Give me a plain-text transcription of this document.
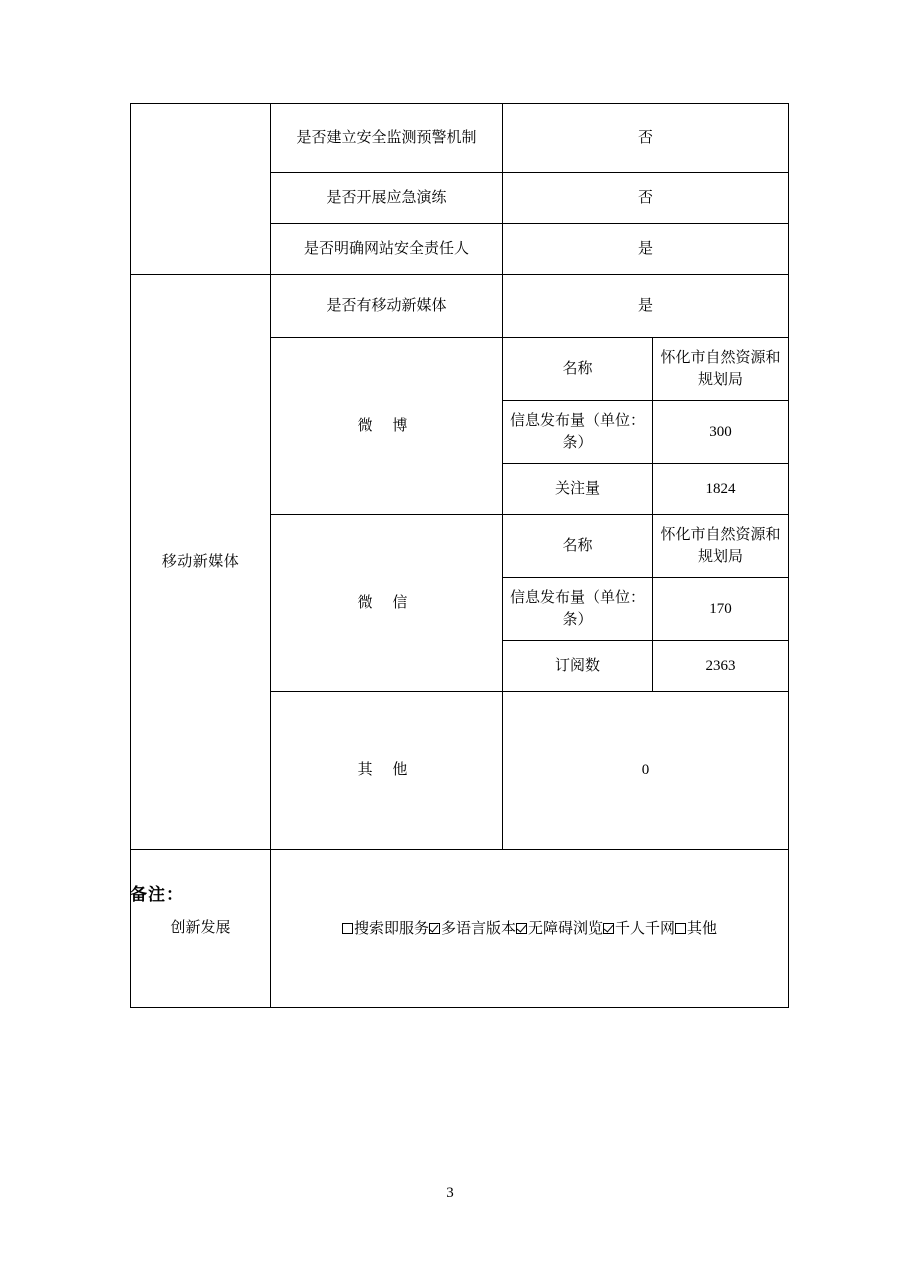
	是否建立安全监测预警机制	否	
	是否开展应急演练	否	
	是否明确网站安全责任人	是	
移动新媒体	是否有移动新媒体	是	
	微 博	名称	怀化市自然资源和规划局
		信息发布量（单位：条）	300
		关注量	1824
	微 信	名称	怀化市自然资源和规划局
		信息发布量（单位：条）	170
		订阅数	2363
	其 他	0	
创新发展	搜索即服务 多语言版本 无障碍浏览 千人千网 其他		
备注：
3
